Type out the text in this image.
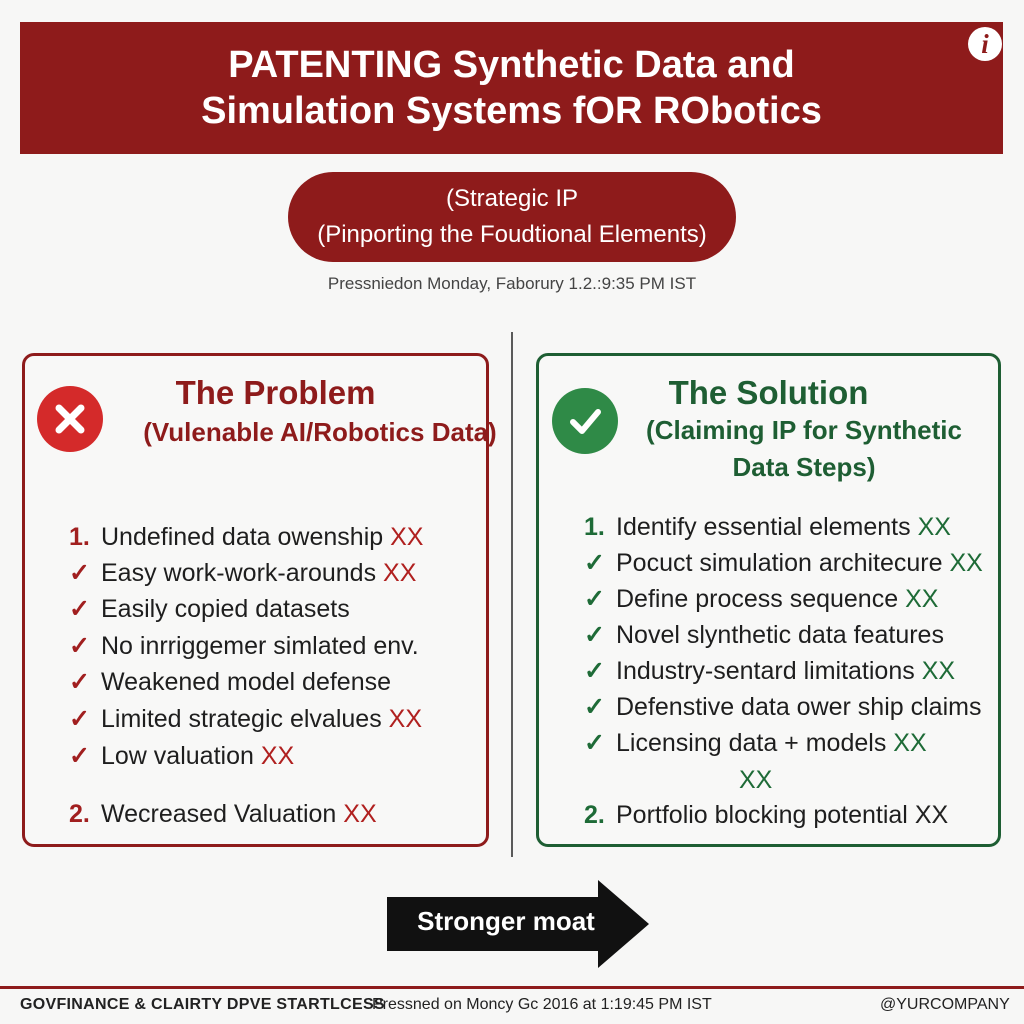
PATENTING Synthetic Data and
Simulation Systems fOR RObotics
i
(Strategic IP
(Pinporting the Foudtional Elements)
Pressniedon Monday, Faborury 1.2.:9:35 PM IST
The Problem
(Vulenable AI/Robotics Data)
1. Undefined data owenship XX
✓ Easy work-work-arounds XX
✓ Easily copied datasets
✓ No inrriggemer simlated env.
✓ Weakened model defense
✓ Limited strategic elvalues XX
✓ Low valuation XX
2. Wecreased Valuation XX
The Solution
(Claiming IP for Synthetic Data Steps)
1. Identify essential elements XX
✓ Pocuct simulation architecure XX
✓ Define process sequence XX
✓ Novel slynthetic data features
✓ Industry-sentard limitations XX
✓ Defenstive data ower ship claims
✓ Licensing data + models XX
XX
2. Portfolio blocking potential XX
Stronger moat
GOVFINANCE & CLAIRTY DPVE STARTLCESS
Pressned on Moncy Gc 2016 at 1:19:45 PM IST	@YURCOMPANY
